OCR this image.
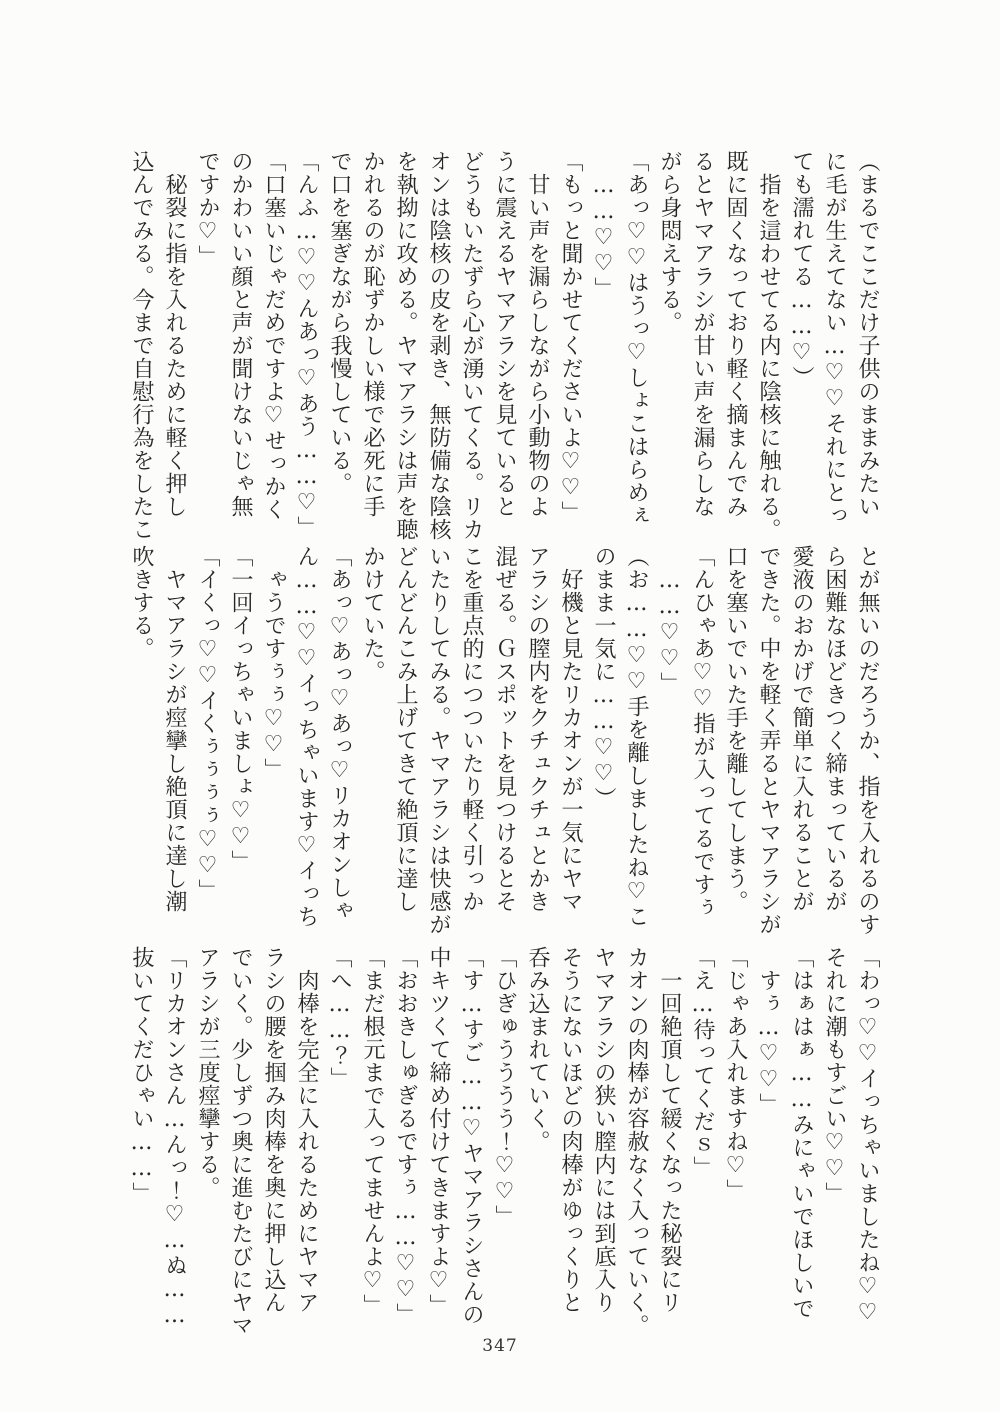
（まるでここだけ子供のままみたい
に毛が生えてない…♡♡それにとっ
ても濡れてる……♡）
指を這わせてる内に陰核に触れる。
既に固くなっており軽く摘まんでみ
るとヤマアラシが甘い声を漏らしな
がら身悶えする。
「あっ♡♡はうっ♡しょこはらめぇ
……♡♡」
「もっと聞かせてくださいよ♡♡」
甘い声を漏らしながら小動物のよ
うに震えるヤマアラシを見ていると
どうもいたずら心が湧いてくる。リカ
オンは陰核の皮を剥き、無防備な陰核
を執拗に攻める。ヤマアラシは声を聴
かれるのが恥ずかしい様で必死に手
で口を塞ぎながら我慢している。
「んふ…♡♡んあっ♡あう……♡」
「口塞いじゃだめですよ♡せっかく
のかわいい顔と声が聞けないじゃ無
ですか♡」
秘裂に指を入れるために軽く押し
込んでみる。今まで自慰行為をしたこ
とが無いのだろうか、指を入れるのす
ら困難なほどきつく締まっているが
愛液のおかげで簡単に入れることが
できた。中を軽く弄るとヤマアラシが
口を塞いでいた手を離してしまう。
「んひゃあ♡♡指が入ってるですぅ
……♡♡」
（お……♡♡手を離しましたね♡こ
のまま一気に……♡♡）
好機と見たリカオンが一気にヤマ
アラシの膣内をクチュクチュとかき
混ぜる。Ｇスポットを見つけるとそ
こを重点的につついたり軽く引っか
いたりしてみる。ヤマアラシは快感が
どんどんこみ上げてきて絶頂に達し
かけていた。
「あっ♡あっ♡あっ♡リカオンしゃ
ん……♡♡イっちゃいます♡イっち
ゃうですぅぅ♡♡」
「一回イっちゃいましょ♡♡」
「イくっ♡♡イくぅぅぅぅ♡♡」
ヤマアラシが痙攣し絶頂に達し潮
吹きする。
「わっ♡♡イっちゃいましたね♡♡
それに潮もすごい♡♡」
「はぁはぁ……みにゃいでほしいで
すぅ…♡♡」
「じゃあ入れますね♡」
「え…待ってくだｓ」
一回絶頂して緩くなった秘裂にリ
カオンの肉棒が容赦なく入っていく。
ヤマアラシの狭い膣内には到底入り
そうにないほどの肉棒がゆっくりと
呑み込まれていく。
「ひぎゅうううう！♡♡」
「す…すご……♡ヤマアラシさんの
中キツくて締め付けてきますよ♡」
「おおきしゅぎるですぅ……♡♡」
「まだ根元まで入ってませんよ♡」
「へ……？」
肉棒を完全に入れるためにヤマア
ラシの腰を掴み肉棒を奥に押し込ん
でいく。少しずつ奥に進むたびにヤマ
アラシが三度痙攣する。
「リカオンさん…んっ！♡…ぬ……
抜いてくだひゃい……」
347
